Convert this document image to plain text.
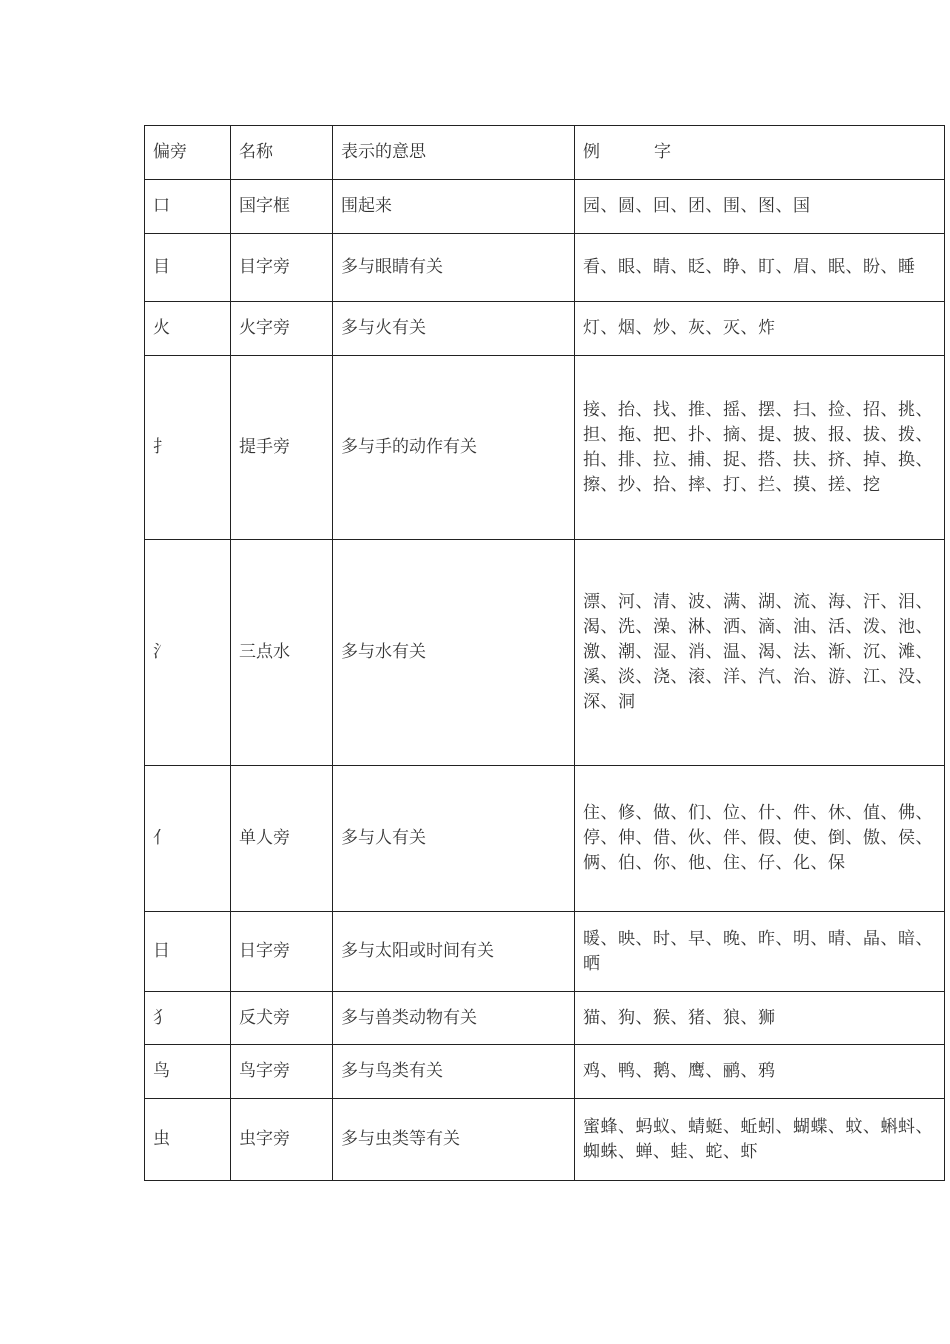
偏旁	名称	表示的意思	例          字
口	国字框	围起来	园、圆、回、团、围、图、国
目	目字旁	多与眼睛有关	看、眼、睛、眨、睁、盯、眉、眠、盼、睡
火	火字旁	多与火有关	灯、烟、炒、灰、灭、炸
扌	提手旁	多与手的动作有关	接、抬、找、推、摇、摆、扫、捡、招、挑、担、拖、把、扑、摘、提、披、报、拔、拨、拍、排、拉、捕、捉、搭、扶、挤、掉、换、擦、抄、拾、摔、打、拦、摸、搓、挖
氵	三点水	多与水有关	漂、河、清、波、满、湖、流、海、汗、泪、渴、洗、澡、淋、洒、滴、油、活、泼、池、激、潮、湿、消、温、渴、法、渐、沉、滩、溪、淡、浇、滚、洋、汽、治、游、江、没、深、洞
亻	单人旁	多与人有关	住、修、做、们、位、什、件、休、值、佛、停、伸、借、伙、伴、假、使、倒、傲、侯、俩、伯、你、他、住、仔、化、保
日	日字旁	多与太阳或时间有关	暖、映、时、早、晚、昨、明、晴、晶、暗、晒
犭	反犬旁	多与兽类动物有关	猫、狗、猴、猪、狼、狮
鸟	鸟字旁	多与鸟类有关	鸡、鸭、鹅、鹰、鹂、鸦
虫	虫字旁	多与虫类等有关	蜜蜂、蚂蚁、蜻蜓、蚯蚓、蝴蝶、蚊、蝌蚪、蜘蛛、蝉、蛙、蛇、虾
